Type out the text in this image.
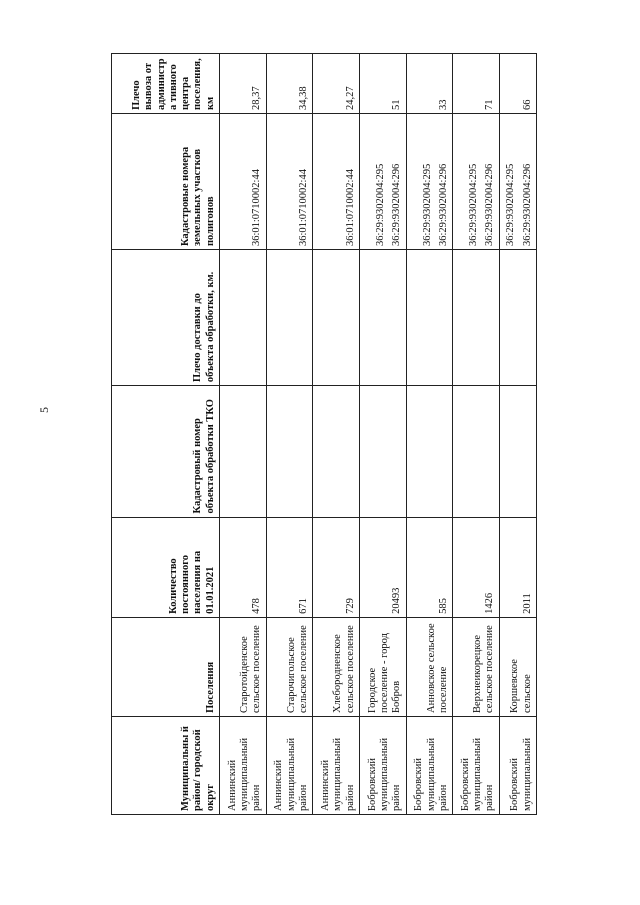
5
Муниципальны й район/ городской округ	Поселения	Количество постоянного населения на 01.01.2021	Кадастровый номер объекта обработки ТКО	Плечо доставки до объекта обработки, км.	Кадастровые номера земельных участков полигонов	Плечо вывоза от администра тивного центра поселения, км
Аннинский муниципальный район	Старотойденское сельское поселение	478			36:01:0710002:44	28,37
Аннинский муниципальный район	Старочигольское сельское поселение	671			36:01:0710002:44	34,38
Аннинский муниципальный район	Хлебородненское сельское поселение	729			36:01:0710002:44	24,27
Бобровский муниципальный район	Городское поселение - город Бобров	20493			36:29:9302004:295 36:29:9302004:296	51
Бобровский муниципальный район	Анновское сельское поселение	585			36:29:9302004:295 36:29:9302004:296	33
Бобровский муниципальный район	Верхнеикорецкое сельское поселение	1426			36:29:9302004:295 36:29:9302004:296	71
Бобровский муниципальный	Коршевское сельское	2011			36:29:9302004:295 36:29:9302004:296	66
